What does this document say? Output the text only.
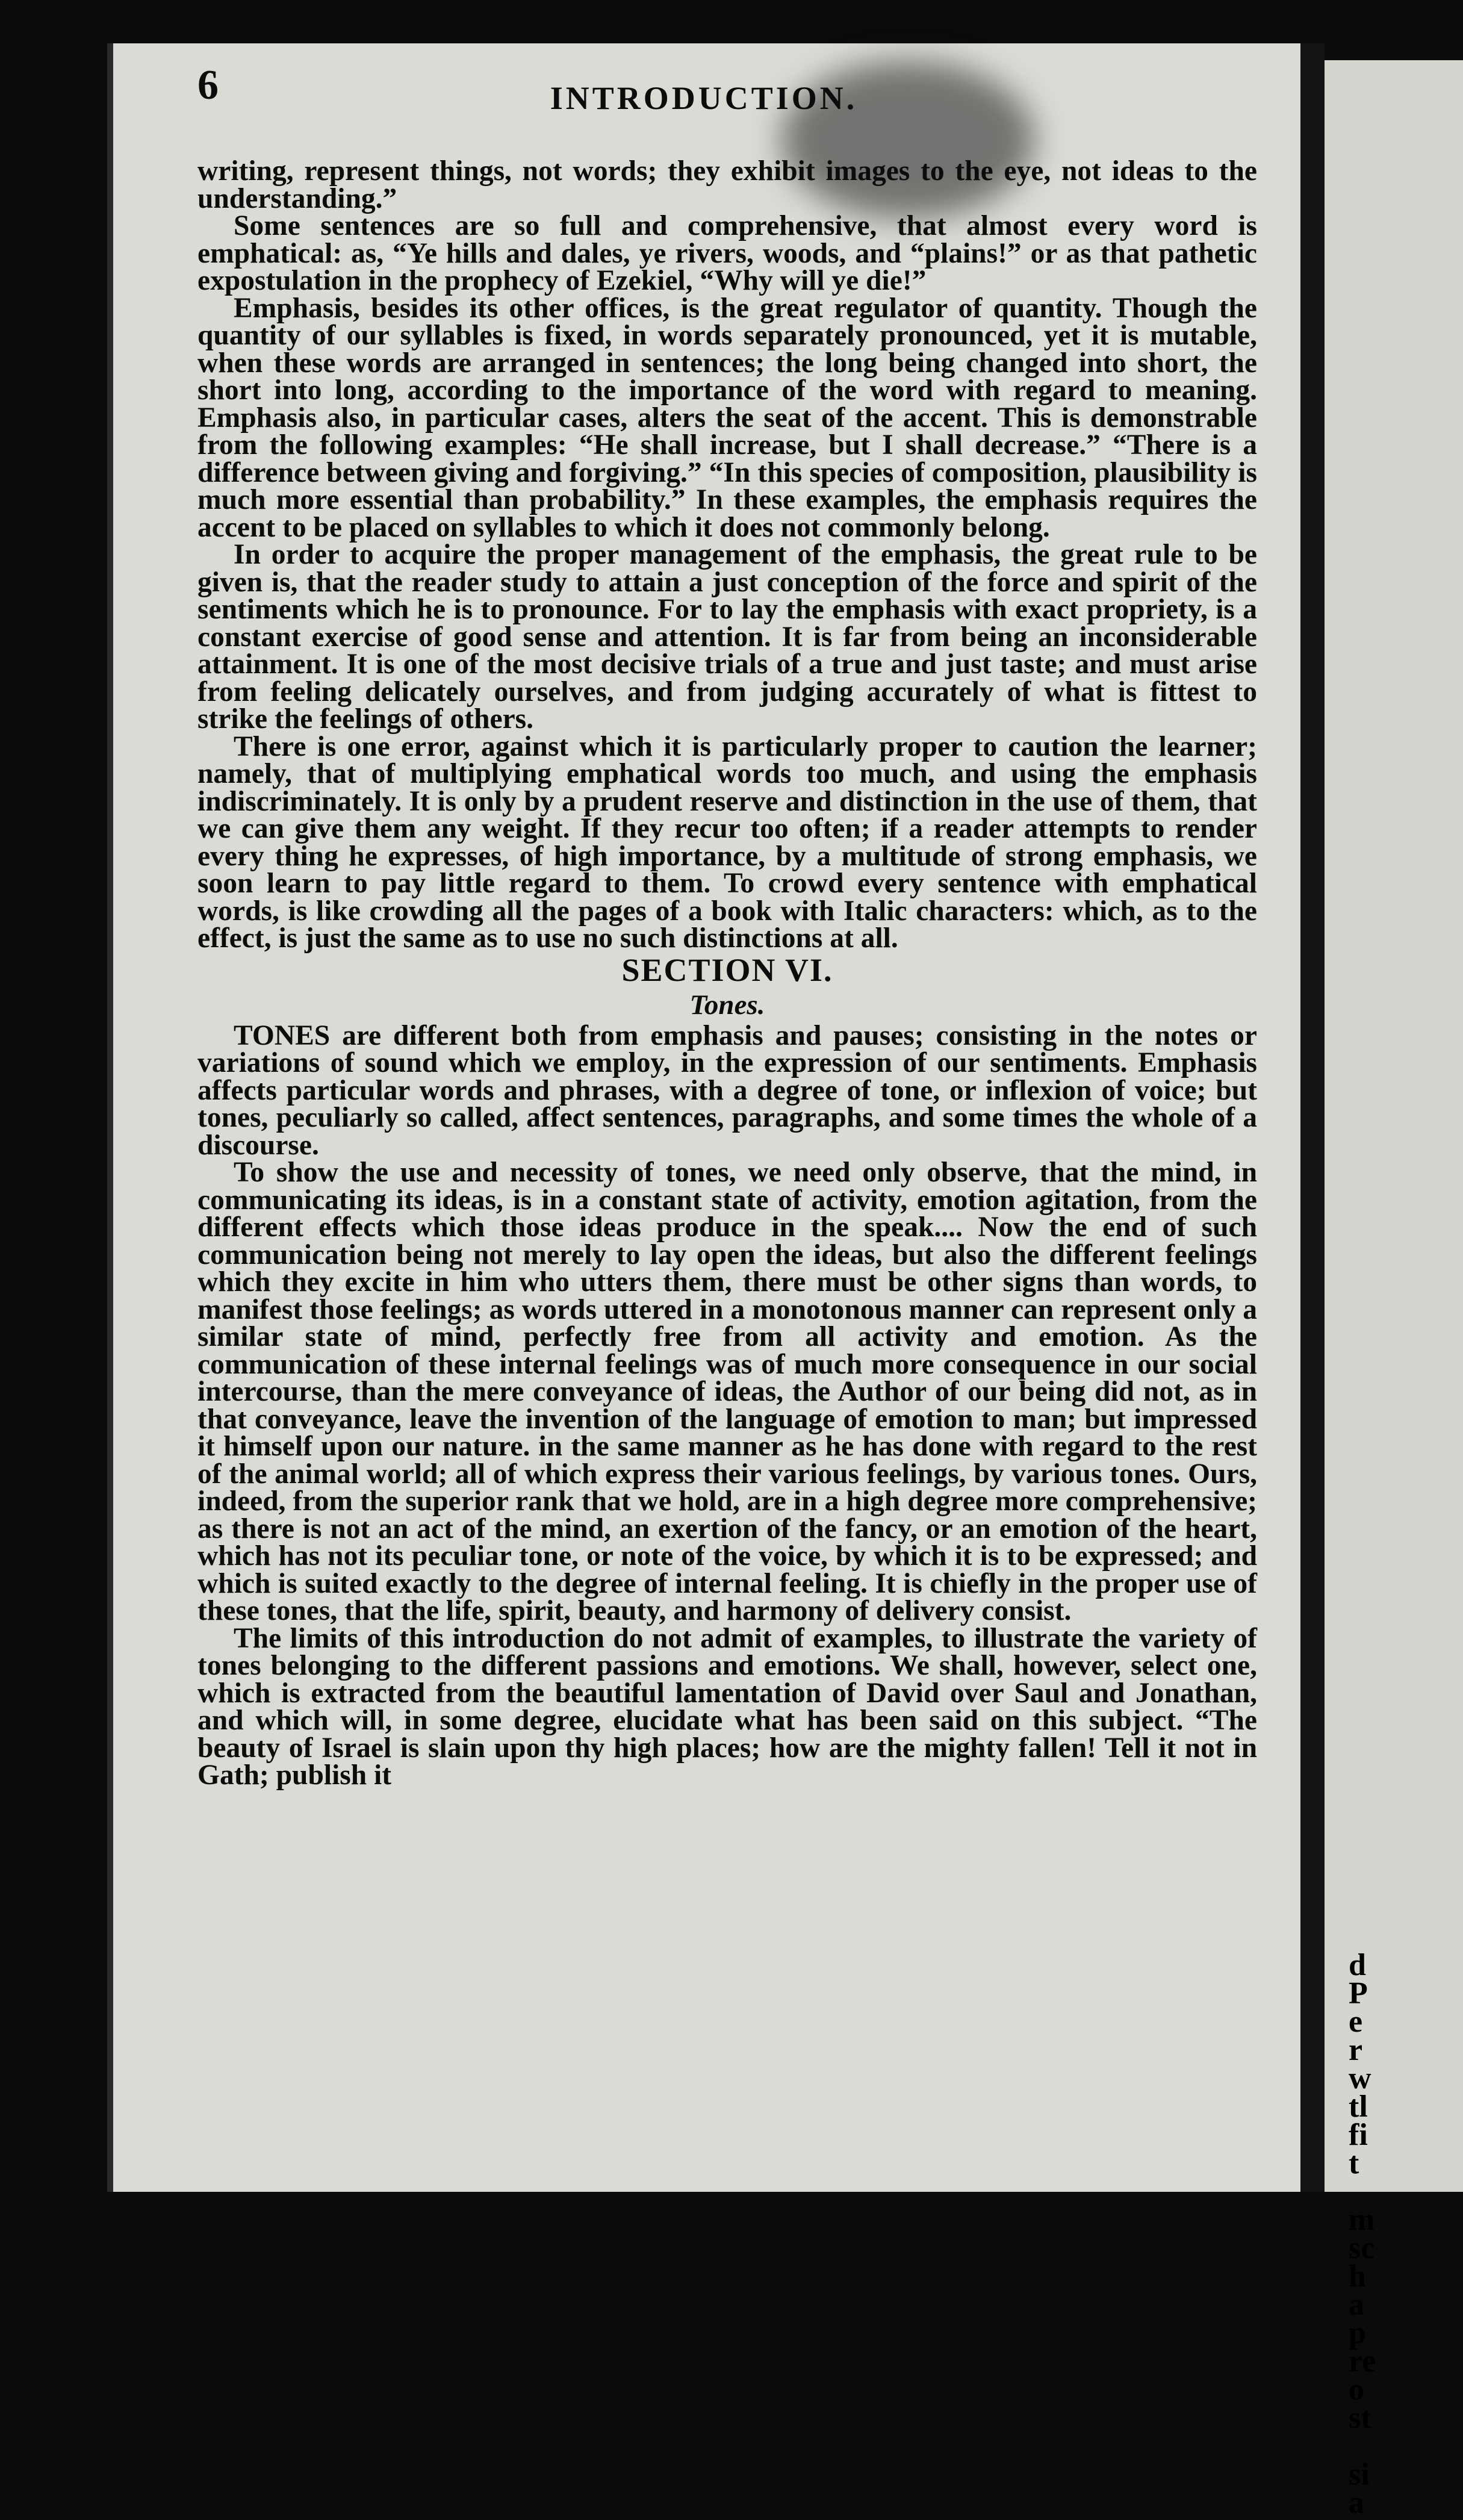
6	INTRODUCTION.

writing, represent things, not words; they exhibit images to the eye, not ideas to the understanding.”

Some sentences are so full and comprehensive, that almost every word is emphatical: as, “Ye hills and dales, ye rivers, woods, and “plains!” or as that pathetic expostulation in the prophecy of Ezekiel, “Why will ye die!”

Emphasis, besides its other offices, is the great regulator of quantity. Though the quantity of our syllables is fixed, in words separately pronounced, yet it is mutable, when these words are arranged in sentences; the long being changed into short, the short into long, according to the importance of the word with regard to meaning. Emphasis also, in particular cases, alters the seat of the accent. This is demonstrable from the following examples: “He shall increase, but I shall decrease.” “There is a difference between giving and forgiving.” “In this species of composition, plausibility is much more essential than probability.” In these examples, the emphasis requires the accent to be placed on syllables to which it does not commonly belong.

In order to acquire the proper management of the emphasis, the great rule to be given is, that the reader study to attain a just conception of the force and spirit of the sentiments which he is to pronounce. For to lay the emphasis with exact propriety, is a constant exercise of good sense and attention. It is far from being an inconsiderable attainment. It is one of the most decisive trials of a true and just taste; and must arise from feeling delicately ourselves, and from judging accurately of what is fittest to strike the feelings of others.

There is one error, against which it is particularly proper to caution the learner; namely, that of multiplying emphatical words too much, and using the emphasis indiscriminately. It is only by a prudent reserve and distinction in the use of them, that we can give them any weight. If they recur too often; if a reader attempts to render every thing he expresses, of high importance, by a multitude of strong emphasis, we soon learn to pay little regard to them. To crowd every sentence with emphatical words, is like crowding all the pages of a book with Italic characters: which, as to the effect, is just the same as to use no such distinctions at all.

SECTION VI.

Tones.

TONES are different both from emphasis and pauses; consisting in the notes or variations of sound which we employ, in the expression of our sentiments. Emphasis affects particular words and phrases, with a degree of tone, or inflexion of voice; but tones, peculiarly so called, affect sentences, paragraphs, and some times the whole of a discourse.

To show the use and necessity of tones, we need only observe, that the mind, in communicating its ideas, is in a constant state of activity, emotion agitation, from the different effects which those ideas produce in the speak.... Now the end of such communication being not merely to lay open the ideas, but also the different feelings which they excite in him who utters them, there must be other signs than words, to manifest those feelings; as words uttered in a monotonous manner can represent only a similar state of mind, perfectly free from all activity and emotion. As the communication of these internal feelings was of much more consequence in our social intercourse, than the mere conveyance of ideas, the Author of our being did not, as in that conveyance, leave the invention of the language of emotion to man; but impressed it himself upon our nature. in the same manner as he has done with regard to the rest of the animal world; all of which express their various feelings, by various tones. Ours, indeed, from the superior rank that we hold, are in a high degree more comprehensive; as there is not an act of the mind, an exertion of the fancy, or an emotion of the heart, which has not its peculiar tone, or note of the voice, by which it is to be expressed; and which is suited exactly to the degree of internal feeling. It is chiefly in the proper use of these tones, that the life, spirit, beauty, and harmony of delivery consist.

The limits of this introduction do not admit of examples, to illustrate the variety of tones belonging to the different passions and emotions. We shall, however, select one, which is extracted from the beautiful lamentation of David over Saul and Jonathan, and which will, in some degree, elucidate what has been said on this subject. “The beauty of Israel is slain upon thy high places; how are the mighty fallen! Tell it not in Gath; publish it

d
P
e
r
w
tl
fi
t
m
sc
h
a
p
re
o
st
si
a
